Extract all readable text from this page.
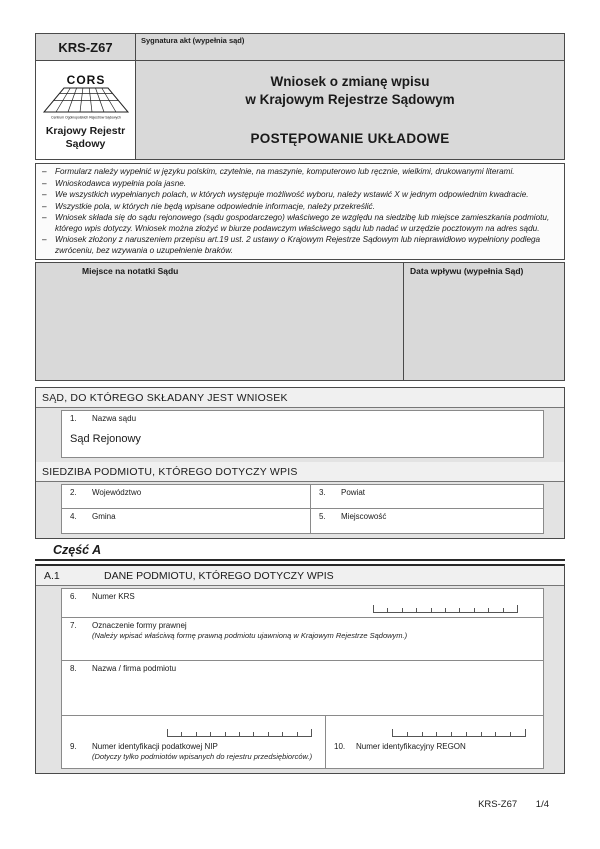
KRS-Z67	Sygnatura akt (wypełnia sąd)
CORS
Centrum Ogólnopolskich Rejestrów Sądowych
Krajowy Rejestr
Sądowy
Wniosek o zmianę wpisu
w Krajowym Rejestrze Sądowym
POSTĘPOWANIE UKŁADOWE
–	Formularz należy wypełnić w języku polskim, czytelnie, na maszynie, komputerowo lub ręcznie, wielkimi, drukowanymi literami.
–	Wnioskodawca wypełnia pola jasne.
–	We wszystkich wypełnianych polach, w których występuje możliwość wyboru, należy wstawić X w jednym odpowiednim kwadracie.
–	Wszystkie pola, w których nie będą wpisane odpowiednie informacje, należy przekreślić.
–	Wniosek składa się do sądu rejonowego (sądu gospodarczego) właściwego ze względu na siedzibę lub miejsce zamieszkania podmiotu, którego wpis dotyczy. Wniosek można złożyć w biurze podawczym właściwego sądu lub nadać w urzędzie pocztowym na adres sądu.
–	Wniosek złożony z naruszeniem przepisu art.19 ust. 2 ustawy o Krajowym Rejestrze Sądowym lub nieprawidłowo wypełniony podlega zwróceniu, bez wzywania o uzupełnienie braków.
Miejsce na notatki Sądu	Data wpływu (wypełnia Sąd)
SĄD, DO KTÓREGO SKŁADANY JEST WNIOSEK
1.	Nazwa sądu
Sąd Rejonowy
SIEDZIBA PODMIOTU, KTÓREGO DOTYCZY WPIS
2.	Województwo	3.	Powiat
4.	Gmina	5.	Miejscowość
Część A
A.1	DANE PODMIOTU, KTÓREGO DOTYCZY WPIS
6.	Numer KRS
7.	Oznaczenie formy prawnej
(Należy wpisać właściwą formę prawną podmiotu ujawnioną w Krajowym Rejestrze Sądowym.)
8.	Nazwa / firma podmiotu
9.	Numer identyfikacji podatkowej NIP
(Dotyczy tylko podmiotów wpisanych do rejestru przedsiębiorców.)
10.	Numer identyfikacyjny REGON
KRS-Z67 1/4
